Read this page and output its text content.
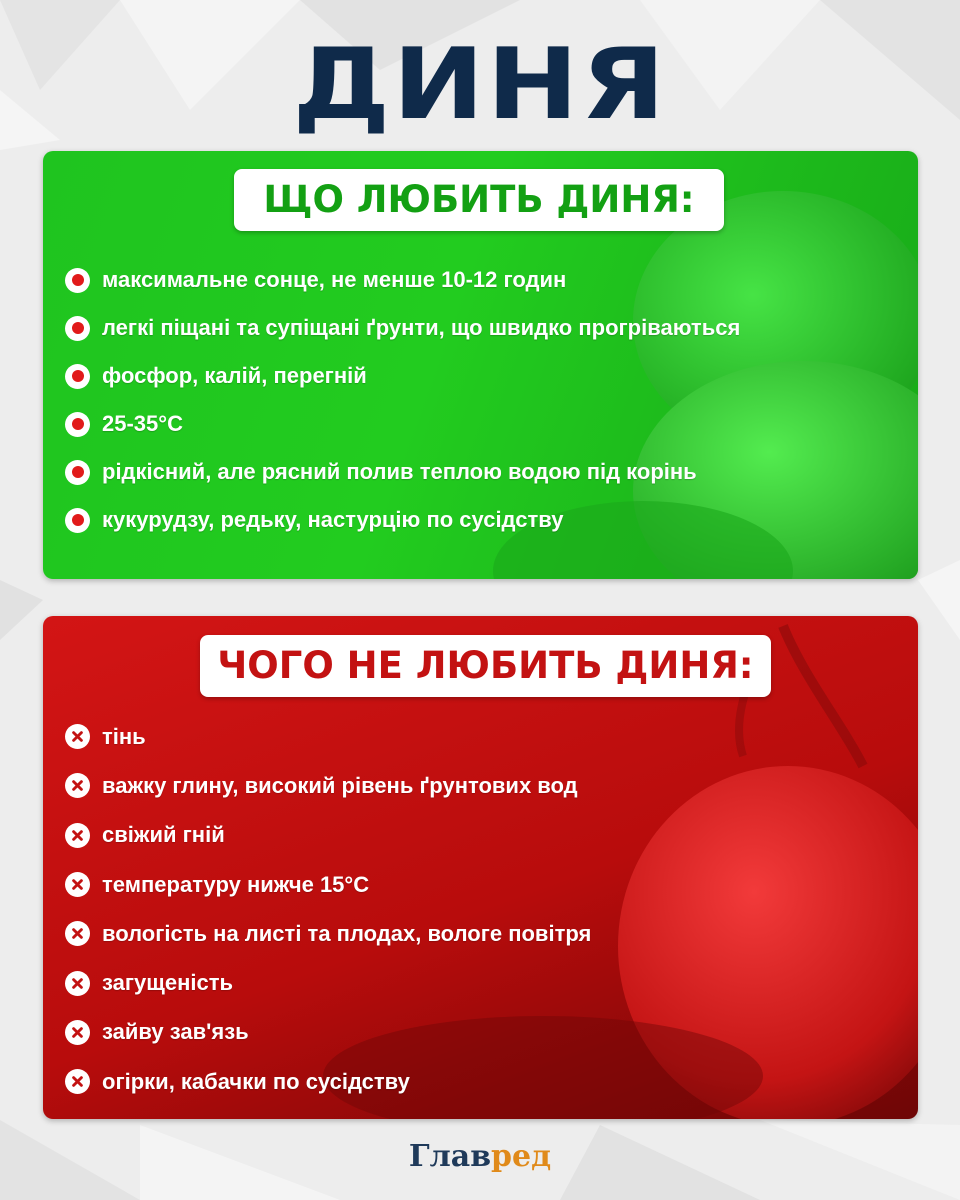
ДИНЯ
ЩО ЛЮБИТЬ ДИНЯ:
максимальне сонце, не менше 10-12 годин
легкі піщані та супіщані ґрунти, що швидко прогріваються
фосфор, калій, перегній
25-35°C
рідкісний, але рясний полив теплою водою під корінь
кукурудзу, редьку, настурцію по сусідству
ЧОГО НЕ ЛЮБИТЬ ДИНЯ:
тінь
важку глину, високий рівень ґрунтових вод
свіжий гній
температуру нижче 15°C
вологість на листі та плодах, вологе повітря
загущеність
зайву зав'язь
огірки, кабачки по сусідству
Главред
